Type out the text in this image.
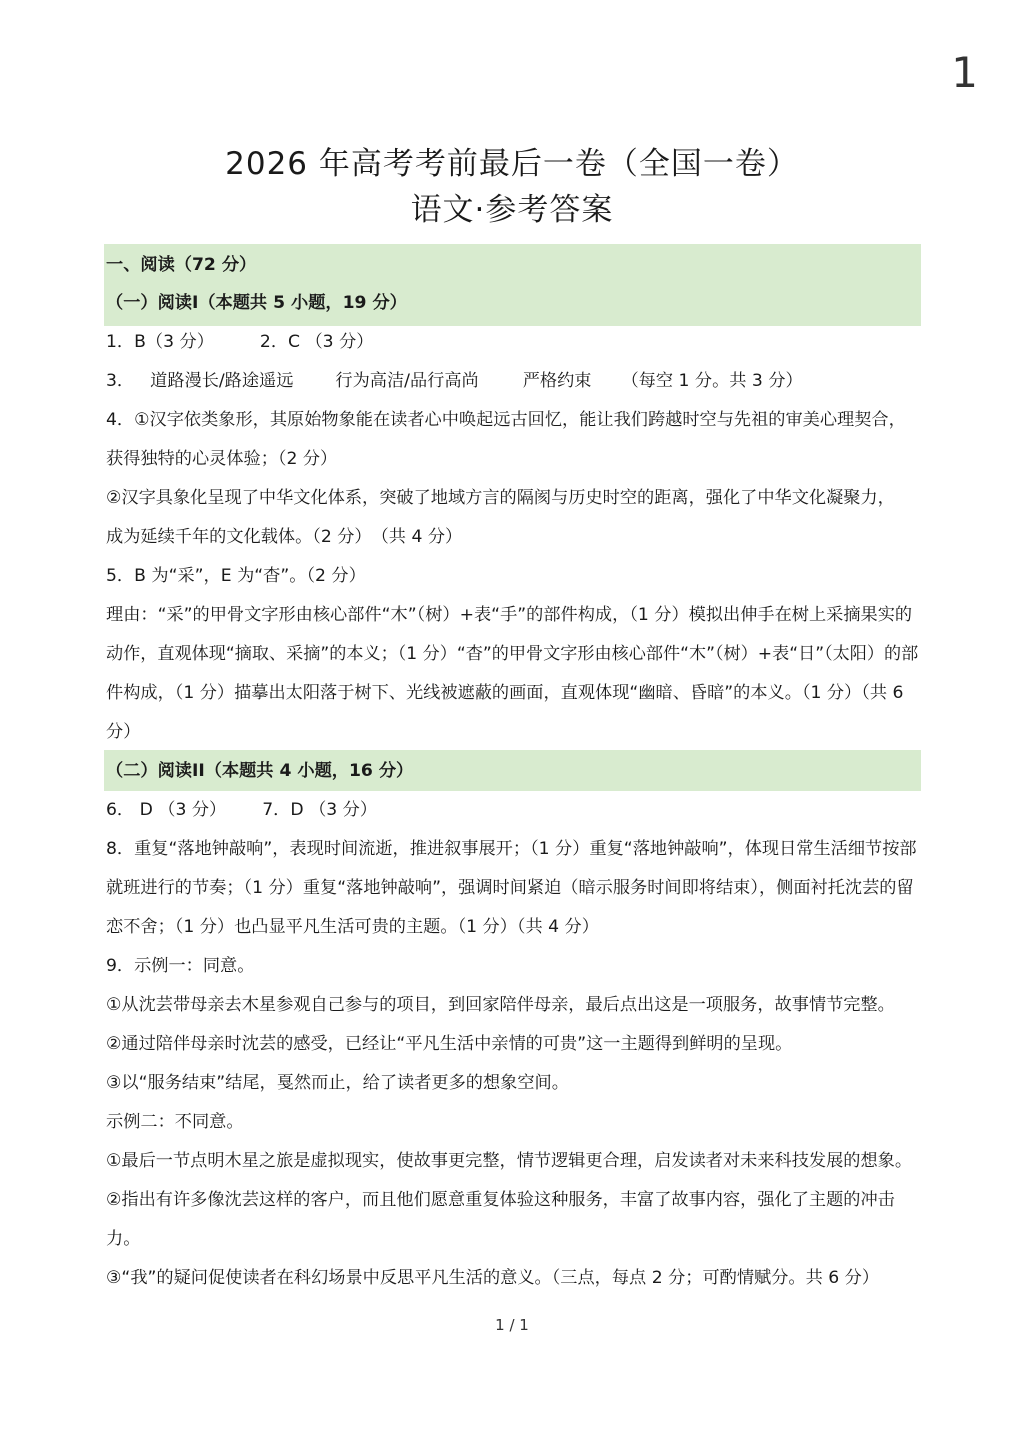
1
2026 年高考考前最后一卷（全国一卷）
语文·参考答案
一、阅读（72 分）
（一）阅读I（本题共 5 小题，19 分）
1．B（3 分）	2．C （3 分）
3． 道路漫长/路途遥远 行为高洁/品行高尚	严格约束 （每空 1 分。共 3 分）
4．①汉字依类象形，其原始物象能在读者心中唤起远古回忆，能让我们跨越时空与先祖的审美心理契合，
获得独特的心灵体验；（2 分）
②汉字具象化呈现了中华文化体系，突破了地域方言的隔阂与历史时空的距离，强化了中华文化凝聚力，
成为延续千年的文化载体。（2 分）　（共 4 分）
5．B 为“采”，E 为“杳”。（2 分）
理由：“采”的甲骨文字形由核心部件“木”（树）+表“手”的部件构成，（1 分）模拟出伸手在树上采摘果实的
动作，直观体现“摘取、采摘”的本义；（1 分）“杳”的甲骨文字形由核心部件“木”（树）+表“日”（太阳）的部
件构成，（1 分）描摹出太阳落于树下、光线被遮蔽的画面，直观体现“幽暗、昏暗”的本义。（1 分）（共 6
分）
（二）阅读II（本题共 4 小题，16 分）
6． D （3 分） 7．D （3 分）
8．重复“落地钟敲响”，表现时间流逝，推进叙事展开；（1 分）重复“落地钟敲响”，体现日常生活细节按部
就班进行的节奏；（1 分）重复“落地钟敲响”，强调时间紧迫（暗示服务时间即将结束），侧面衬托沈芸的留
恋不舍；（1 分）也凸显平凡生活可贵的主题。（1 分）（共 4 分）
9．示例一：同意。
①从沈芸带母亲去木星参观自己参与的项目，到回家陪伴母亲，最后点出这是一项服务，故事情节完整。
②通过陪伴母亲时沈芸的感受，已经让“平凡生活中亲情的可贵”这一主题得到鲜明的呈现。
③以“服务结束”结尾，戛然而止，给了读者更多的想象空间。
示例二：不同意。
①最后一节点明木星之旅是虚拟现实，使故事更完整，情节逻辑更合理，启发读者对未来科技发展的想象。
②指出有许多像沈芸这样的客户，而且他们愿意重复体验这种服务，丰富了故事内容，强化了主题的冲击
力。
③“我”的疑问促使读者在科幻场景中反思平凡生活的意义。（三点，每点 2 分；可酌情赋分。共 6 分）
1 / 1
